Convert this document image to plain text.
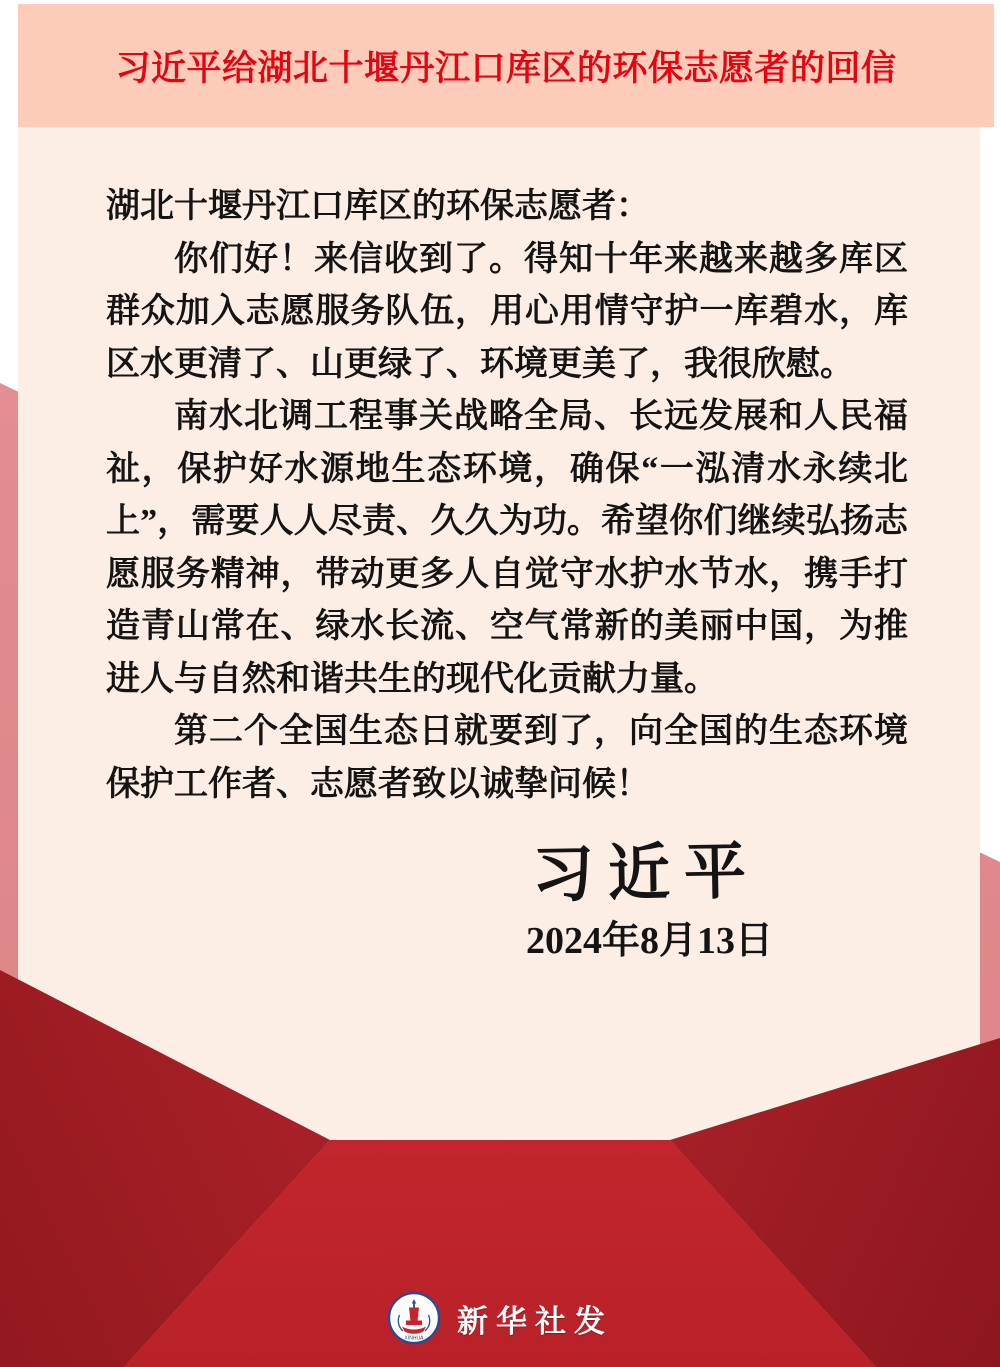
习近平给湖北十堰丹江口库区的环保志愿者的回信

湖北十堰丹江口库区的环保志愿者：

你们好！来信收到了。得知十年来越来越多库区群众加入志愿服务队伍，用心用情守护一库碧水，库区水更清了、山更绿了、环境更美了，我很欣慰。

南水北调工程事关战略全局、长远发展和人民福祉，保护好水源地生态环境，确保“一泓清水永续北上”，需要人人尽责、久久为功。希望你们继续弘扬志愿服务精神，带动更多人自觉守水护水节水，携手打造青山常在、绿水长流、空气常新的美丽中国，为推进人与自然和谐共生的现代化贡献力量。

第二个全国生态日就要到了，向全国的生态环境保护工作者、志愿者致以诚挚问候！

习近平
2024年8月13日
XINHUA 新华社发
